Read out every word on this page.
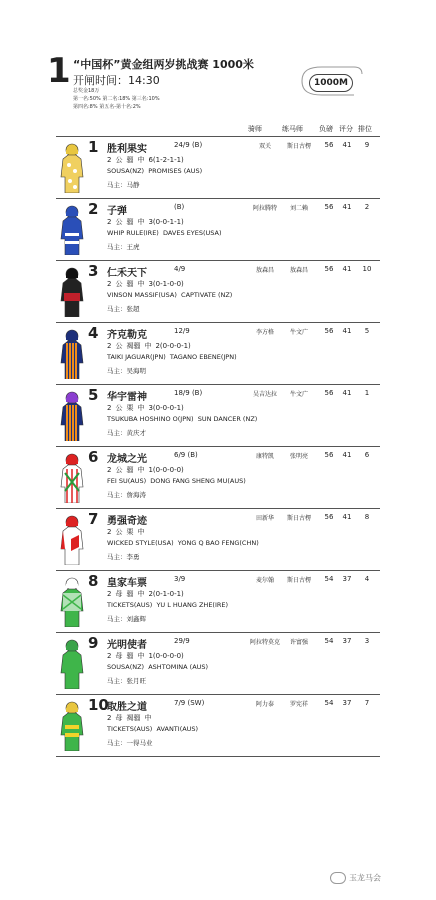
1 “中国杯”黄金组两岁挑战赛 1000米
开闸时间：14:30
总奖金18万
第一名:50% 第二名:18% 第三名:10%
第四名:8% 第五名-第十名:2%
1000M
骑师	练马师 负磅 评分 排位
1 胜利果实	24/9 (B)	双关	斯日古楞	56	41	9
2 公 骝 中 6(1-2-1-1)
SOUSA(NZ) PROMISES (AUS)
马主：马静
2 子弹	(B)	阿拉腾特	刘二赖	56	41	2
2 公 骝 中 3(0-0-1-1)
WHIP RULE(IRE) DAVES EYES(USA)
马主：王虎
3 仁禾天下	4/9	敖森昌	敖森昌	56	41	10
2 公 骝 中 3(0-1-0-0)
VINSON MASSIF(USA) CAPTIVATE (NZ)
马主：张超
4 齐克勒克	12/9	李方格	牛文广	56	41	5
2 公 褐骝 中 2(0-0-0-1)
TAIKI JAGUAR(JPN) TAGANO EBENE(JPN)
马主：吴海明
5 华宇雷神	18/9 (B)	吴吉达拉	牛文广	56	41	1
2 公 栗 中 3(0-0-0-1)
TSUKUBA HOSHINO O(JPN) SUN DANCER (NZ)
马主：黄庆才
6 龙城之光	6/9 (B)	康特凯	张明亮	56	41	6
2 公 骝 中 1(0-0-0-0)
FEI SU(AUS) DONG FANG SHENG MU(AUS)
马主：詹海涛
7 勇强奇迹	田新华	斯日古楞	56	41	8
2 公 栗 中
WICKED STYLE(USA) YONG Q BAO FENG(CHN)
马主：李勇
8 皇家车票	3/9	麦尔翰	斯日古楞	54	37	4
2 母 骝 中 2(0-1-0-1)
TICKETS(AUS) YU L HUANG ZHE(IRE)
马主：刘鑫辉
9 光明使者	29/9	阿拉特莫克	许富强	54	37	3
2 母 骝 中 1(0-0-0-0)
SOUSA(NZ) ASHTOMINA (AUS)
马主：张月旺
10
取胜之道	7/9 (SW)	阿力泰	罗宪祥	54	37	7
2 母 褐骝 中
TICKETS(AUS) AVANTI(AUS)
马主：一得马业
玉龙马会
